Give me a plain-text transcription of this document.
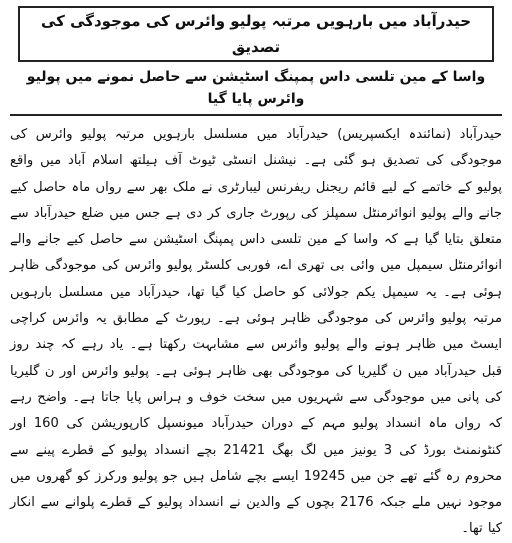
حیدرآباد میں بارہویں مرتبہ پولیو وائرس کی موجودگی کی تصدیق
واسا کے مین تلسی داس پمپنگ اسٹیشن سے حاصل نمونے میں پولیو وائرس پایا گیا

حیدرآباد (نمائندہ ایکسپریس) حیدرآباد میں مسلسل بارہویں مرتبہ پولیو وائرس کی موجودگی کی تصدیق ہو گئی ہے۔ نیشنل انسٹی ٹیوٹ آف ہیلتھ اسلام آباد میں واقع پولیو کے خاتمے کے لیے قائم ریجنل ریفرنس لیبارٹری نے ملک بھر سے رواں ماہ حاصل کیے جانے والے پولیو انوائرمنٹل سمپلز کی رپورٹ جاری کر دی ہے جس میں ضلع حیدرآباد سے متعلق بتایا گیا ہے کہ واسا کے مین تلسی داس پمپنگ اسٹیشن سے حاصل کیے جانے والے انوائرمنٹل سیمپل میں وائی بی تھری اے، فوربی کلسٹر پولیو وائرس کی موجودگی ظاہر ہوئی ہے۔ یہ سیمپل یکم جولائی کو حاصل کیا گیا تھا، حیدرآباد میں مسلسل بارہویں مرتبہ پولیو وائرس کی موجودگی ظاہر ہوئی ہے۔ رپورٹ کے مطابق یہ وائرس کراچی ایسٹ میں ظاہر ہونے والے پولیو وائرس سے مشابہت رکھتا ہے۔ یاد رہے کہ چند روز قبل حیدرآباد میں ن گلیریا کی موجودگی بھی ظاہر ہوئی ہے۔ پولیو وائرس اور ن گلیریا کی پانی میں موجودگی سے شہریوں میں سخت خوف و ہراس پایا جاتا ہے۔ واضح رہے کہ رواں ماہ انسداد پولیو مہم کے دوران حیدرآباد میونسپل کارپوریشن کی 160 اور کنٹونمنٹ بورڈ کی 3 یونیز میں لگ بھگ 21421 بچے انسداد پولیو کے قطرے پینے سے محروم رہ گئے تھے جن میں 19245 ایسے بچے شامل ہیں جو پولیو ورکرز کو گھروں میں موجود نہیں ملے جبکہ 2176 بچوں کے والدین نے انسداد پولیو کے قطرے پلوانے سے انکار کیا تھا۔
